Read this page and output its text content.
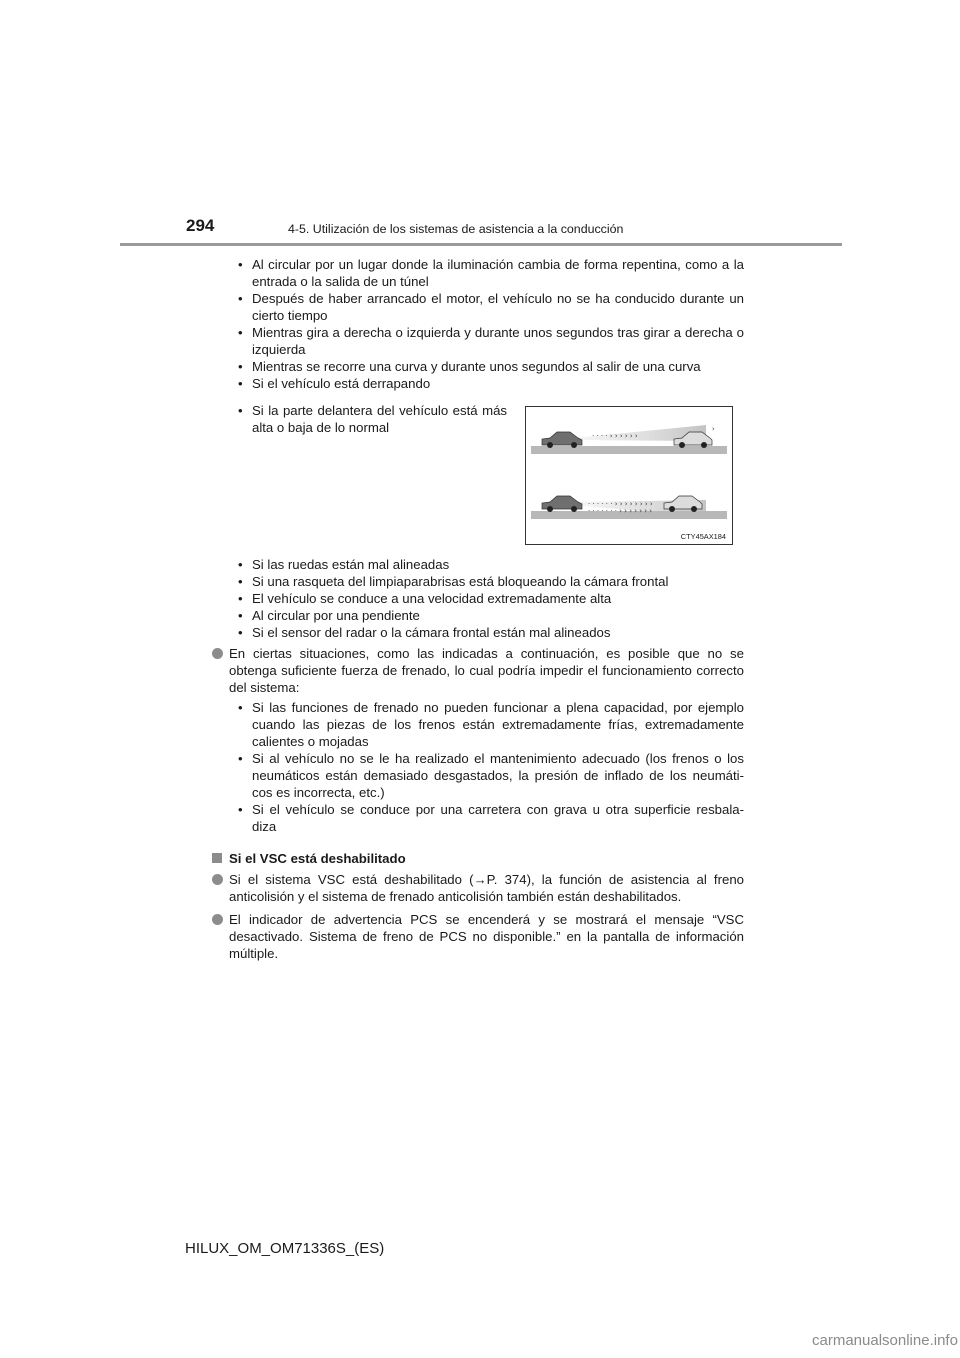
294	4-5. Utilización de los sistemas de asistencia a la conducción
• Al circular por un lugar donde la iluminación cambia de forma repentina, como a la entrada o la salida de un túnel
• Después de haber arrancado el motor, el vehículo no se ha conducido durante un cierto tiempo
• Mientras gira a derecha o izquierda y durante unos segundos tras girar a derecha o izquierda
• Mientras se recorre una curva y durante unos segundos al salir de una curva
• Si el vehículo está derrapando
• Si la parte delantera del vehículo está más alta o baja de lo normal
· · · · › › › › › ›
›
· · · · · · › › › › › › › ›
· · · · · · · › › › › › › ›
CTY45AX184
• Si las ruedas están mal alineadas
• Si una rasqueta del limpiaparabrisas está bloqueando la cámara frontal
• El vehículo se conduce a una velocidad extremadamente alta
• Al circular por una pendiente
• Si el sensor del radar o la cámara frontal están mal alineados

En ciertas situaciones, como las indicadas a continuación, es posible que no se obtenga suficiente fuerza de frenado, lo cual podría impedir el funcionamiento correcto del sistema:

• Si las funciones de frenado no pueden funcionar a plena capacidad, por ejemplo cuando las piezas de los frenos están extremadamente frías, extremadamente calientes o mojadas
• Si al vehículo no se le ha realizado el mantenimiento adecuado (los frenos o los neumáticos están demasiado desgastados, la presión de inflado de los neumáti- cos es incorrecta, etc.)
• Si el vehículo se conduce por una carretera con grava u otra superficie resbala- diza
Si el VSC está deshabilitado

Si el sistema VSC está deshabilitado (→P. 374), la función de asistencia al freno anticolisión y el sistema de frenado anticolisión también están deshabilitados.

El indicador de advertencia PCS se encenderá y se mostrará el mensaje “VSC desactivado. Sistema de freno de PCS no disponible.” en la pantalla de información múltiple.

HILUX_OM_OM71336S_(ES)
carmanualsonline.info
